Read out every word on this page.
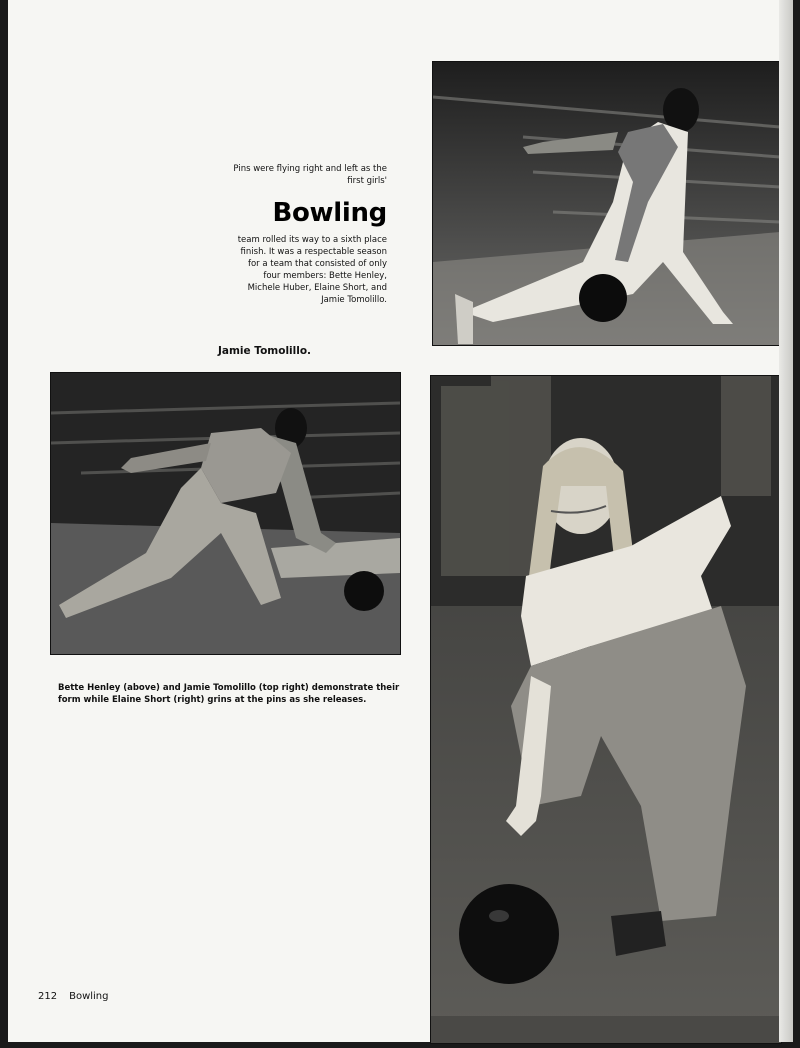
Pins were flying right and left as the first girls'
Bowling
team rolled its way to a sixth place finish. It was a respectable season for a team that consisted of only four members: Bette Henley, Michele Huber, Elaine Short, and Jamie Tomolillo.
Jamie Tomolillo.
Bette Henley (above) and Jamie Tomolillo (top right) demonstrate their form while Elaine Short (right) grins at the pins as she releases.
212 Bowling
